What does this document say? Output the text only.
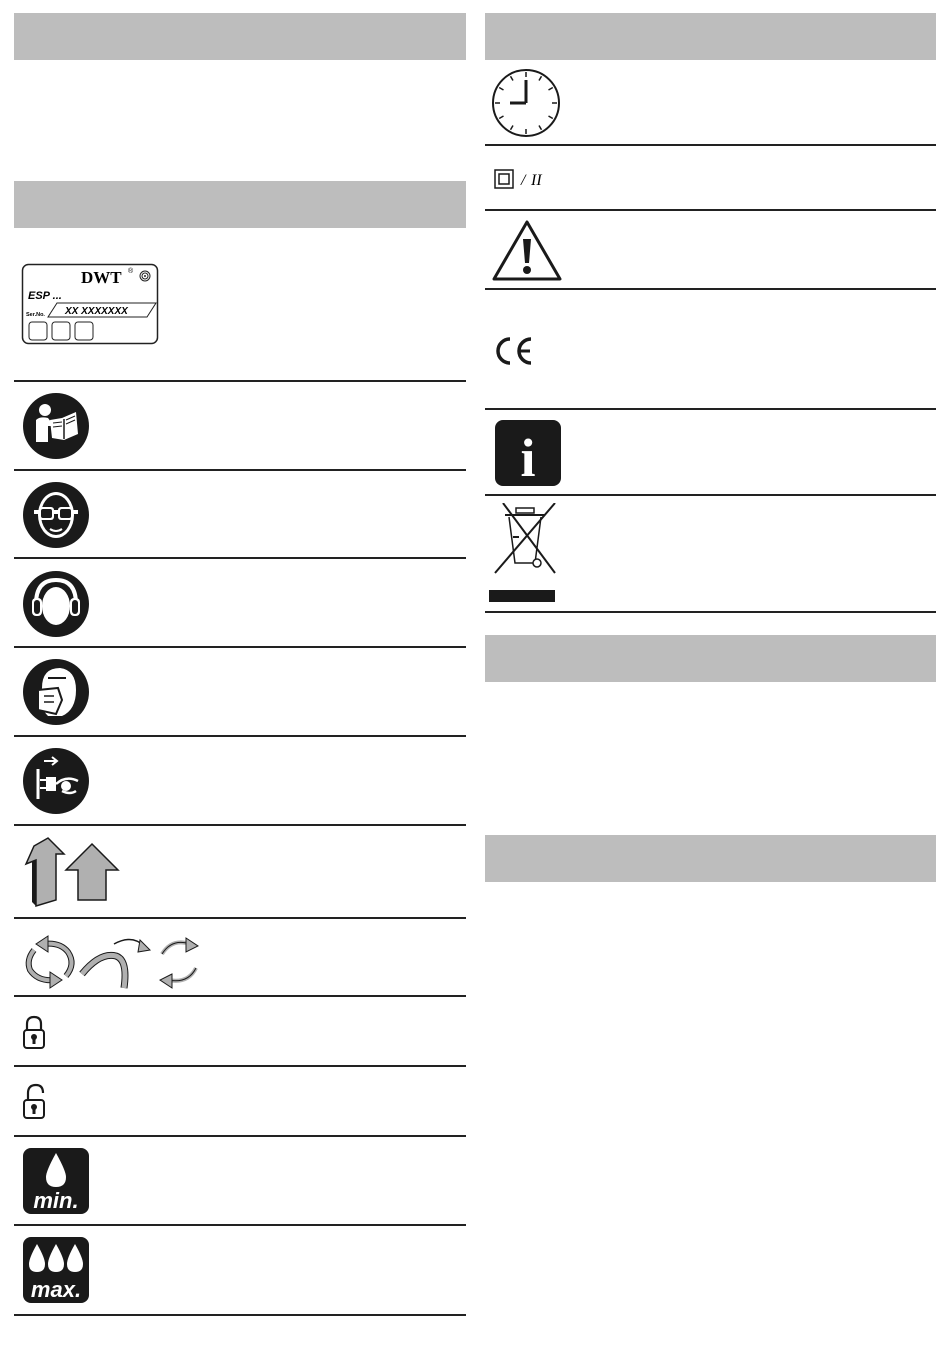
DWT ®
ESP ...
Ser.No. XX XXXXXXX
min.
max.
/ II
i
